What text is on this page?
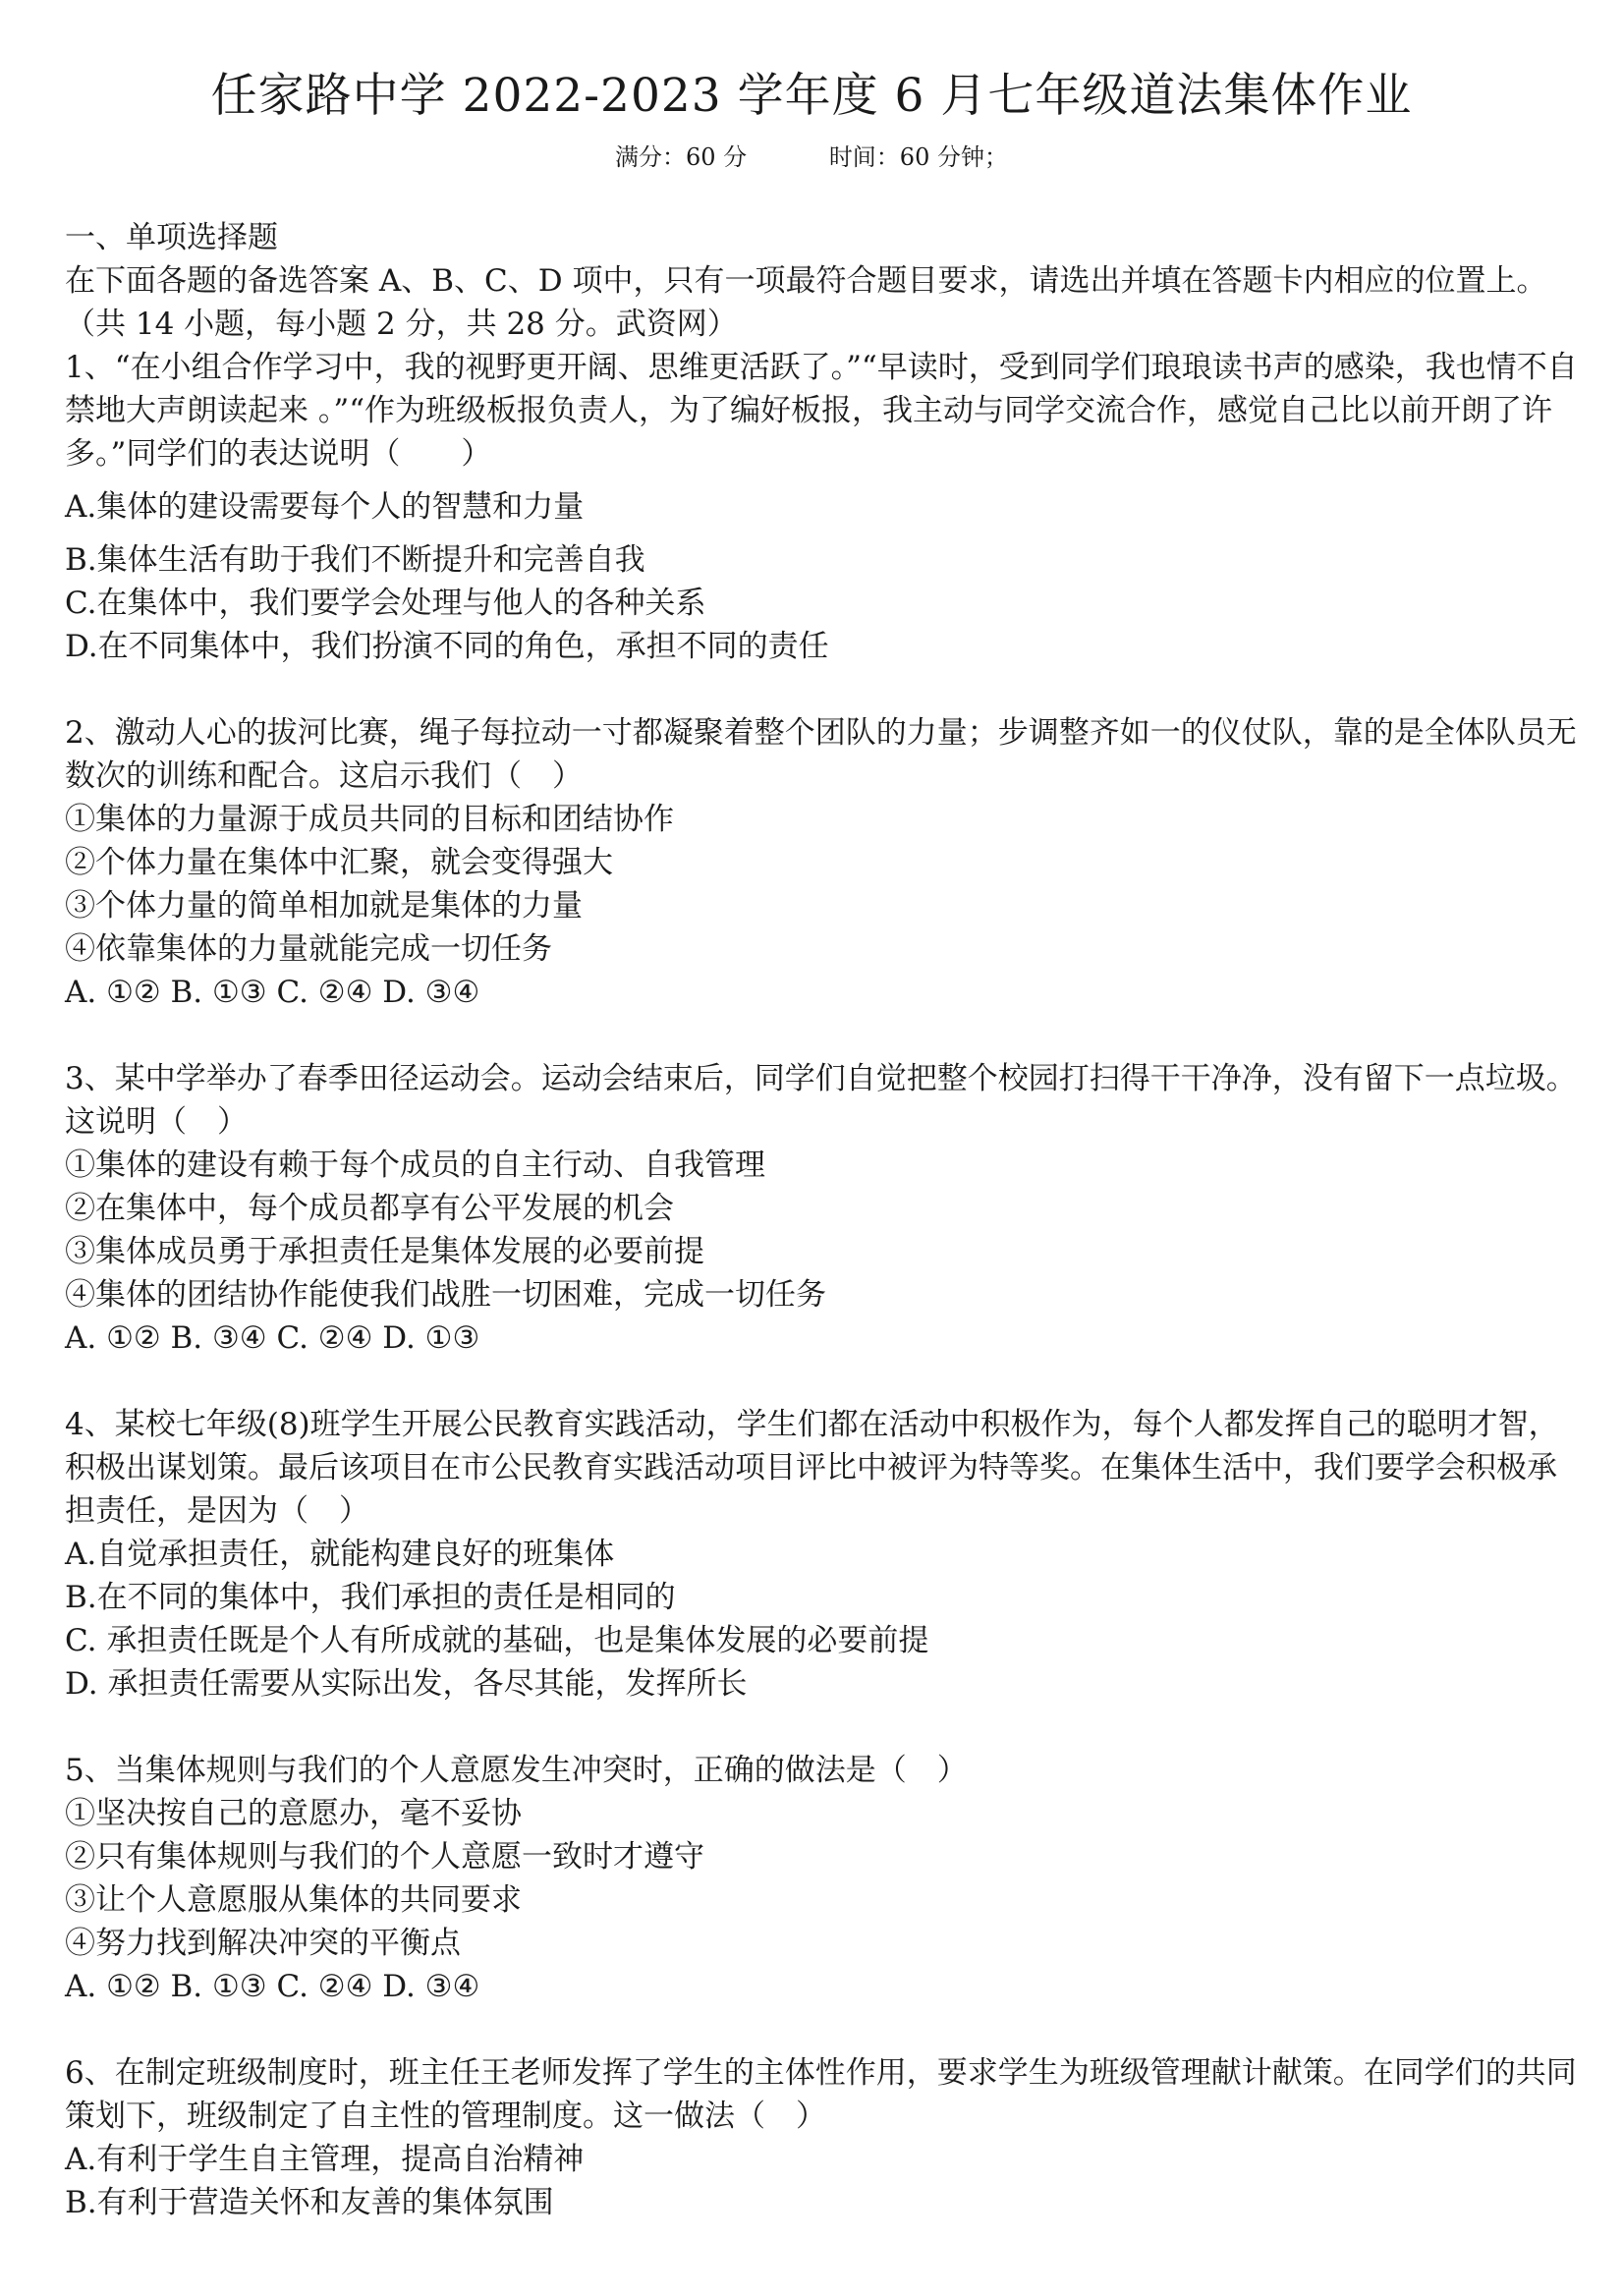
任家路中学 2022-2023 学年度 6 月七年级道法集体作业
满分：60 分	时间：60 分钟；

一、单项选择题

在下面各题的备选答案 A、B、C、D 项中，只有一项最符合题目要求，请选出并填在答题卡内相应的位置上。（共 14 小题，每小题 2 分，共 28 分。武资网）

1、“在小组合作学习中，我的视野更开阔、思维更活跃了。”“早读时，受到同学们琅琅读书声的感染，我也情不自禁地大声朗读起来 。”“作为班级板报负责人，为了编好板报，我主动与同学交流合作，感觉自己比以前开朗了许多。”同学们的表达说明（　　）

A.集体的建设需要每个人的智慧和力量

B.集体生活有助于我们不断提升和完善自我

C.在集体中，我们要学会处理与他人的各种关系

D.在不同集体中，我们扮演不同的角色，承担不同的责任

2、激动人心的拔河比赛，绳子每拉动一寸都凝聚着整个团队的力量；步调整齐如一的仪仗队，靠的是全体队员无数次的训练和配合。这启示我们（　）

①集体的力量源于成员共同的目标和团结协作

②个体力量在集体中汇聚，就会变得强大

③个体力量的简单相加就是集体的力量

④依靠集体的力量就能完成一切任务

A. ①② B. ①③ C. ②④ D. ③④

3、某中学举办了春季田径运动会。运动会结束后，同学们自觉把整个校园打扫得干干净净，没有留下一点垃圾。这说明（　）

①集体的建设有赖于每个成员的自主行动、自我管理

②在集体中，每个成员都享有公平发展的机会

③集体成员勇于承担责任是集体发展的必要前提

④集体的团结协作能使我们战胜一切困难，完成一切任务

A. ①② B. ③④ C. ②④ D. ①③

4、某校七年级(8)班学生开展公民教育实践活动，学生们都在活动中积极作为，每个人都发挥自己的聪明才智，积极出谋划策。最后该项目在市公民教育实践活动项目评比中被评为特等奖。在集体生活中，我们要学会积极承担责任，是因为（　）

A.自觉承担责任，就能构建良好的班集体

B.在不同的集体中，我们承担的责任是相同的

C. 承担责任既是个人有所成就的基础，也是集体发展的必要前提

D. 承担责任需要从实际出发，各尽其能，发挥所长

5、当集体规则与我们的个人意愿发生冲突时，正确的做法是（　）

①坚决按自己的意愿办，毫不妥协

②只有集体规则与我们的个人意愿一致时才遵守

③让个人意愿服从集体的共同要求

④努力找到解决冲突的平衡点

A. ①② B. ①③ C. ②④ D. ③④

6、在制定班级制度时，班主任王老师发挥了学生的主体性作用，要求学生为班级管理献计献策。在同学们的共同策划下，班级制定了自主性的管理制度。这一做法（　）

A.有利于学生自主管理，提高自治精神

B.有利于营造关怀和友善的集体氛围
